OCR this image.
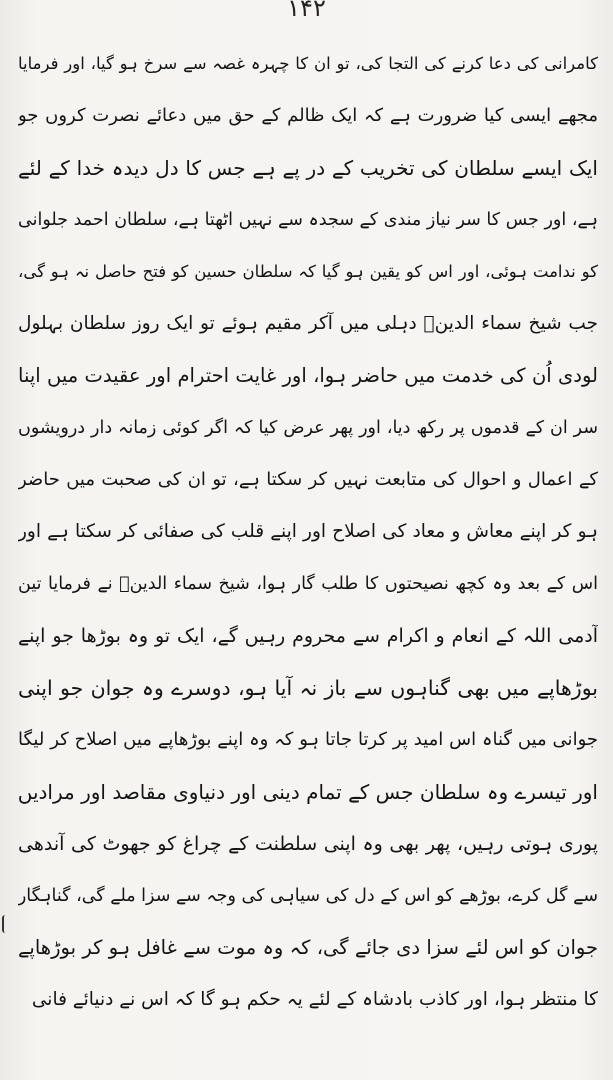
۱۴۲
کامرانی کی دعا کرنے کی التجا کی، تو ان کا چہرہ غصہ سے سرخ ہو گیا، اور فرمایا
مجھے ایسی کیا ضرورت ہے کہ ایک ظالم کے حق میں دعائے نصرت کروں جو
ایک ایسے سلطان کی تخریب کے در پے ہے جس کا دل دیدہ خدا کے لئے
ہے، اور جس کا سر نیاز مندی کے سجدہ سے نہیں اٹھتا ہے، سلطان احمد جلوانی
کو ندامت ہوئی، اور اس کو یقین ہو گیا کہ سلطان حسین کو فتح حاصل نہ ہو گی،
جب شیخ سماء الدینؒ دہلی میں آکر مقیم ہوئے تو ایک روز سلطان بہلول
لودی اُن کی خدمت میں حاضر ہوا، اور غایت احترام اور عقیدت میں اپنا
سر ان کے قدموں پر رکھ دیا، اور پھر عرض کیا کہ اگر کوئی زمانہ دار درویشوں
کے اعمال و احوال کی متابعت نہیں کر سکتا ہے، تو ان کی صحبت میں حاضر
ہو کر اپنے معاش و معاد کی اصلاح اور اپنے قلب کی صفائی کر سکتا ہے اور
اس کے بعد وہ کچھ نصیحتوں کا طلب گار ہوا، شیخ سماء الدینؒ نے فرمایا تین
آدمی اللہ کے انعام و اکرام سے محروم رہیں گے، ایک تو وہ بوڑھا جو اپنے
بوڑھاپے میں بھی گناہوں سے باز نہ آیا ہو، دوسرے وہ جوان جو اپنی
جوانی میں گناہ اس امید پر کرتا جاتا ہو کہ وہ اپنے بوڑھاپے میں اصلاح کر لیگا
اور تیسرے وہ سلطان جس کے تمام دینی اور دنیاوی مقاصد اور مرادیں
پوری ہوتی رہیں، پھر بھی وہ اپنی سلطنت کے چراغ کو جھوٹ کی آندھی
سے گل کرے، بوڑھے کو اس کے دل کی سیاہی کی وجہ سے سزا ملے گی، گناہگار
جوان کو اس لئے سزا دی جائے گی، کہ وہ موت سے غافل ہو کر بوڑھاپے
کا منتظر ہوا، اور کاذب بادشاہ کے لئے یہ حکم ہو گا کہ اس نے دنیائے فانی
